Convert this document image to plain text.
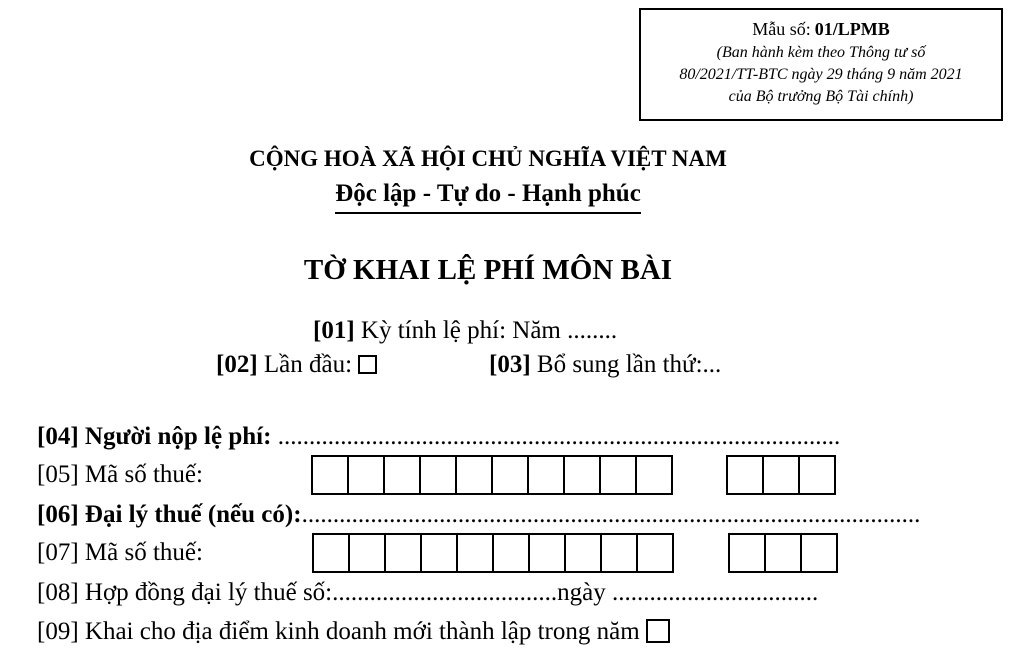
Mẫu số: 01/LPMB
(Ban hành kèm theo Thông tư số
80/2021/TT-BTC ngày 29 tháng 9 năm 2021
của Bộ trưởng Bộ Tài chính)
CỘNG HOÀ XÃ HỘI CHỦ NGHĨA VIỆT NAM
Độc lập - Tự do - Hạnh phúc
TỜ KHAI LỆ PHÍ MÔN BÀI
[01] Kỳ tính lệ phí: Năm ........
[02] Lần đầu:	[03] Bổ sung lần thứ:...
[04] Người nộp lệ phí: ..........................................................................................
[05] Mã số thuế:
[06] Đại lý thuế (nếu có):...................................................................................................
[07] Mã số thuế:
[08] Hợp đồng đại lý thuế số:....................................ngày .................................
[09] Khai cho địa điểm kinh doanh mới thành lập trong năm
